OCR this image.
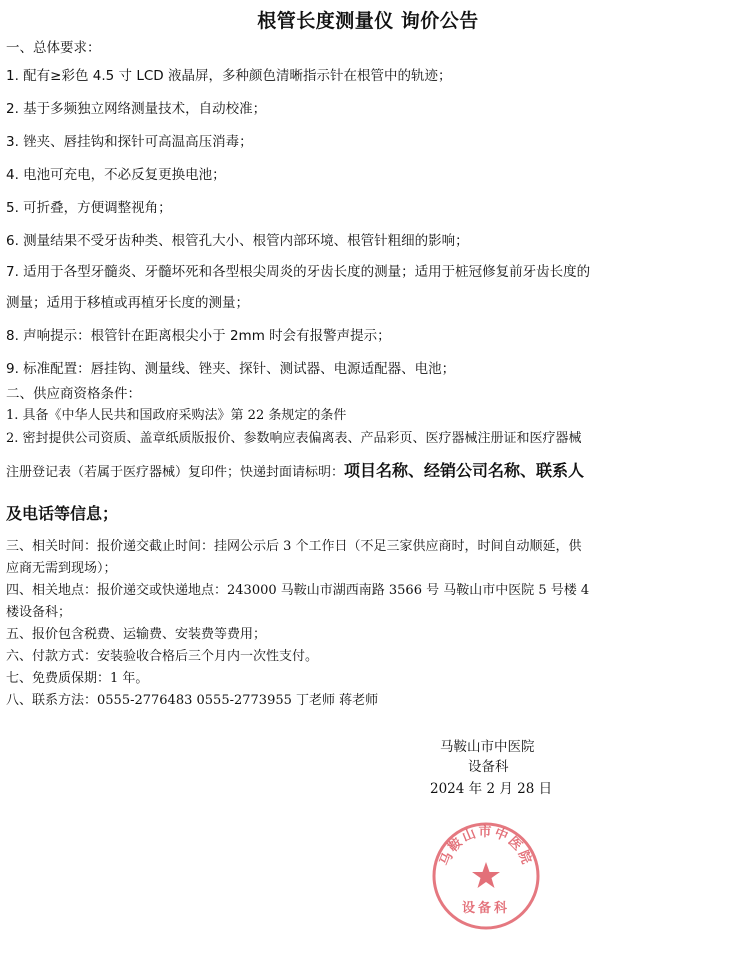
根管长度测量仪 询价公告
一、总体要求：
1. 配有≥彩色 4.5 寸 LCD 液晶屏，多种颜色清晰指示针在根管中的轨迹；
2. 基于多频独立网络测量技术，自动校准；
3. 锉夹、唇挂钩和探针可高温高压消毒；
4. 电池可充电，不必反复更换电池；
5. 可折叠，方便调整视角；
6. 测量结果不受牙齿种类、根管孔大小、根管内部环境、根管针粗细的影响；
7. 适用于各型牙髓炎、牙髓坏死和各型根尖周炎的牙齿长度的测量；适用于桩冠修复前牙齿长度的
测量；适用于移植或再植牙长度的测量；
8. 声响提示：根管针在距离根尖小于 2mm 时会有报警声提示；
9. 标准配置：唇挂钩、测量线、锉夹、探针、测试器、电源适配器、电池；
二、供应商资格条件：
1. 具备《中华人民共和国政府采购法》第 22 条规定的条件
2. 密封提供公司资质、盖章纸质版报价、参数响应表偏离表、产品彩页、医疗器械注册证和医疗器械
注册登记表（若属于医疗器械）复印件；快递封面请标明：项目名称、经销公司名称、联系人
及电话等信息；
三、相关时间：报价递交截止时间：挂网公示后 3 个工作日（不足三家供应商时，时间自动顺延，供
应商无需到现场）；
四、相关地点：报价递交或快递地点：243000 马鞍山市湖西南路 3566 号 马鞍山市中医院 5 号楼 4
楼设备科；
五、报价包含税费、运输费、安装费等费用；
六、付款方式：安装验收合格后三个月内一次性支付。
七、免费质保期：1 年。
八、联系方法：0555-2776483 0555-2773955 丁老师 蒋老师
马鞍山市中医院
设备科
2024 年 2 月 28 日
马鞍山市中医院
设备科
